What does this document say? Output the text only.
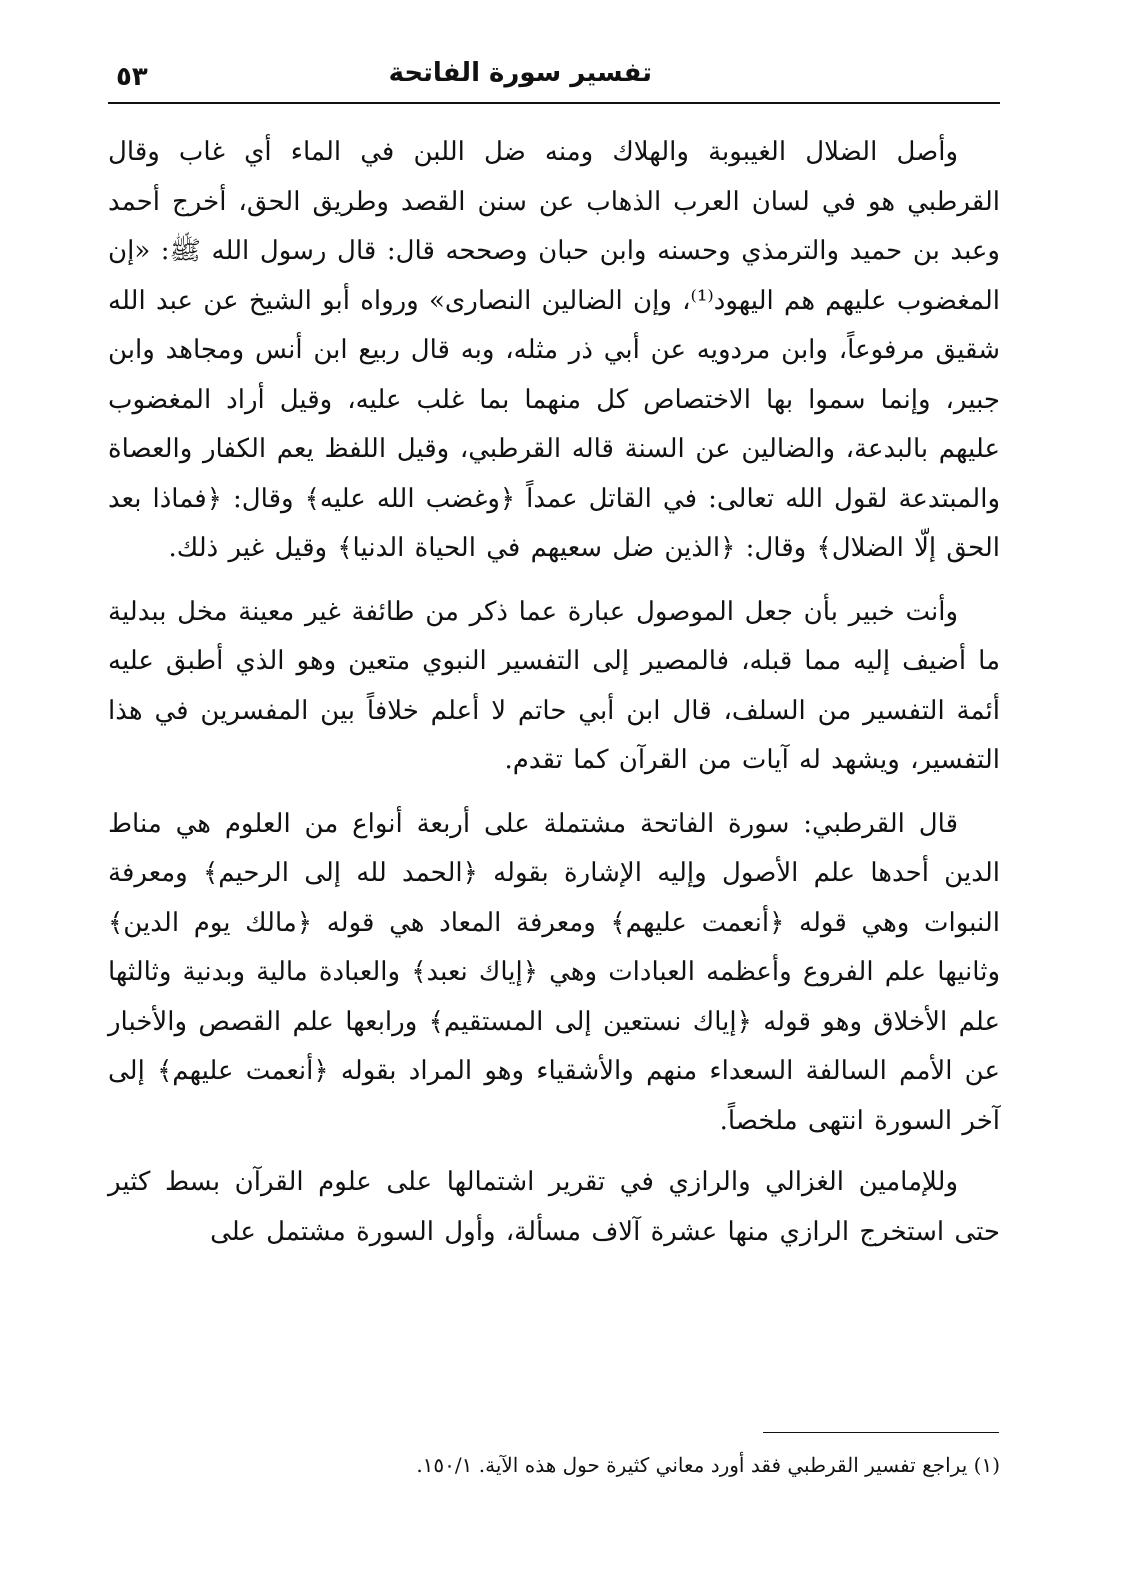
تفسير سورة الفاتحة
٥٣

وأصل الضلال الغيبوبة والهلاك ومنه ضل اللبن في الماء أي غاب وقال القرطبي هو في لسان العرب الذهاب عن سنن القصد وطريق الحق، أخرج أحمد وعبد بن حميد والترمذي وحسنه وابن حبان وصححه قال: قال رسول الله ﷺ: «إن المغضوب عليهم هم اليهود⁽¹⁾، وإن الضالين النصارى» ورواه أبو الشيخ عن عبد الله شقيق مرفوعاً، وابن مردويه عن أبي ذر مثله، وبه قال ربيع ابن أنس ومجاهد وابن جبير، وإنما سموا بها الاختصاص كل منهما بما غلب عليه، وقيل أراد المغضوب عليهم بالبدعة، والضالين عن السنة قاله القرطبي، وقيل اللفظ يعم الكفار والعصاة والمبتدعة لقول الله تعالى: في القاتل عمداً ﴿وغضب الله عليه﴾ وقال: ﴿فماذا بعد الحق إلّا الضلال﴾ وقال: ﴿الذين ضل سعيهم في الحياة الدنيا﴾ وقيل غير ذلك.

وأنت خبير بأن جعل الموصول عبارة عما ذكر من طائفة غير معينة مخل ببدلية ما أضيف إليه مما قبله، فالمصير إلى التفسير النبوي متعين وهو الذي أطبق عليه أئمة التفسير من السلف، قال ابن أبي حاتم لا أعلم خلافاً بين المفسرين في هذا التفسير، ويشهد له آيات من القرآن كما تقدم.

قال القرطبي: سورة الفاتحة مشتملة على أربعة أنواع من العلوم هي مناط الدين أحدها علم الأصول وإليه الإشارة بقوله ﴿الحمد لله إلى الرحيم﴾ ومعرفة النبوات وهي قوله ﴿أنعمت عليهم﴾ ومعرفة المعاد هي قوله ﴿مالك يوم الدين﴾ وثانيها علم الفروع وأعظمه العبادات وهي ﴿إياك نعبد﴾ والعبادة مالية وبدنية وثالثها علم الأخلاق وهو قوله ﴿إياك نستعين إلى المستقيم﴾ ورابعها علم القصص والأخبار عن الأمم السالفة السعداء منهم والأشقياء وهو المراد بقوله ﴿أنعمت عليهم﴾ إلى آخر السورة انتهى ملخصاً.

وللإمامين الغزالي والرازي في تقرير اشتمالها على علوم القرآن بسط كثير حتى استخرج الرازي منها عشرة آلاف مسألة، وأول السورة مشتمل على

(١) يراجع تفسير القرطبي فقد أورد معاني كثيرة حول هذه الآية. ١٥٠/١.
